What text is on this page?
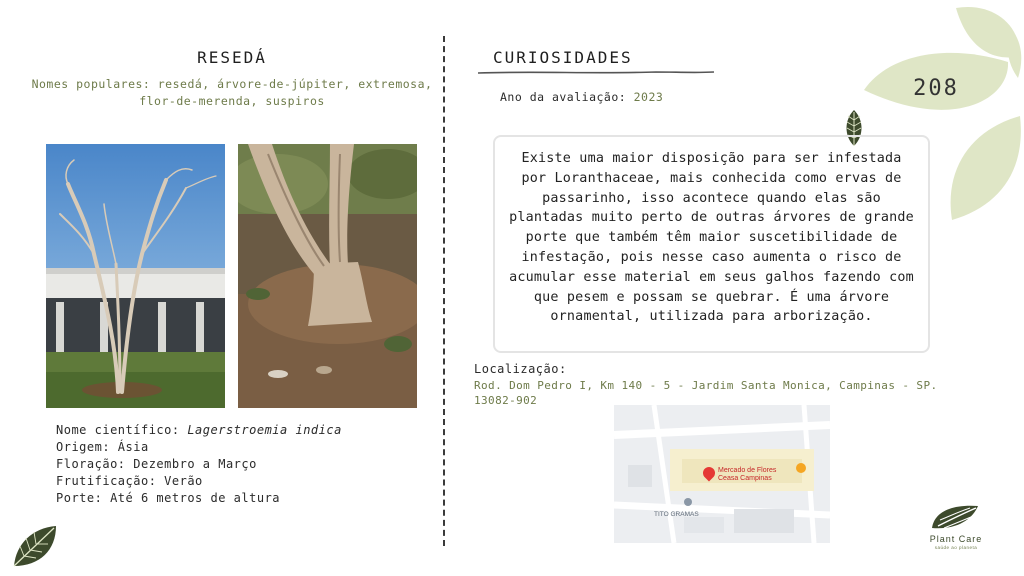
208
RESEDÁ
Nomes populares: resedá, árvore-de-júpiter, extremosa,
flor-de-merenda, suspiros
Nome científico: Lagerstroemia indica
Origem: Ásia
Floração: Dezembro a Março
Frutificação: Verão
Porte: Até 6 metros de altura
CURIOSIDADES
Ano da avaliação: 2023
Existe uma maior disposição para ser infestada por Loranthaceae, mais conhecida como ervas de passarinho, isso acontece quando elas são plantadas muito perto de outras árvores de grande porte que também têm maior suscetibilidade de infestação, pois nesse caso aumenta o risco de acumular esse material em seus galhos fazendo com que pesem e possam se quebrar. É uma árvore ornamental, utilizada para arborização.
Localização:
Rod. Dom Pedro I, Km 140 - 5 - Jardim Santa Monica, Campinas - SP.
13082-902
Mercado de Flores
Ceasa Campinas
TITO GRAMAS
Plant Care
saúde ao planeta
